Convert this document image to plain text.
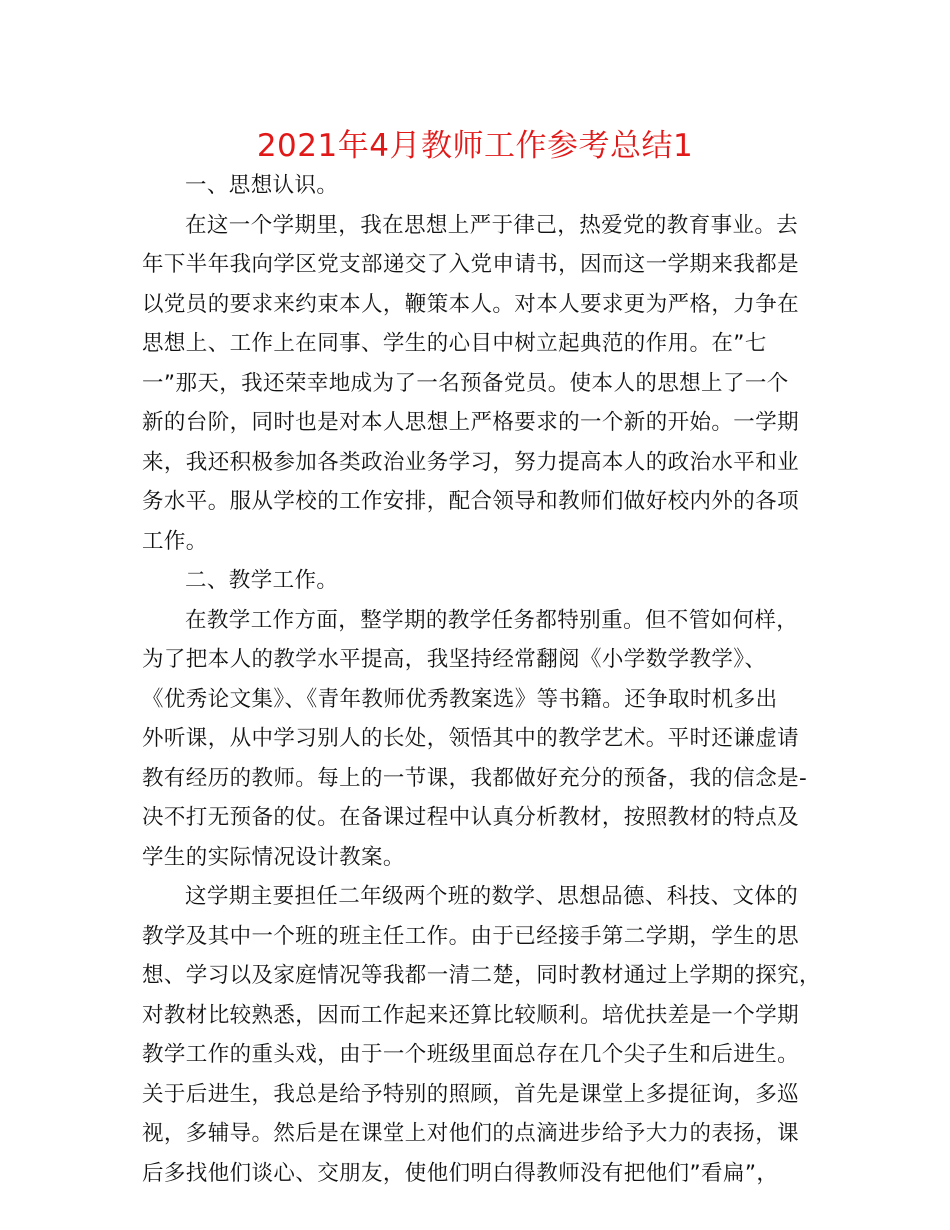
2021年4月教师工作参考总结1
一、思想认识。
在这一个学期里，我在思想上严于律己，热爱党的教育事业。去
年下半年我向学区党支部递交了入党申请书，因而这一学期来我都是
以党员的要求来约束本人，鞭策本人。对本人要求更为严格，力争在
思想上、工作上在同事、学生的心目中树立起典范的作用。在”七
一”那天，我还荣幸地成为了一名预备党员。使本人的思想上了一个
新的台阶，同时也是对本人思想上严格要求的一个新的开始。一学期
来，我还积极参加各类政治业务学习，努力提高本人的政治水平和业
务水平。服从学校的工作安排，配合领导和教师们做好校内外的各项
工作。
二、教学工作。
在教学工作方面，整学期的教学任务都特别重。但不管如何样，
为了把本人的教学水平提高，我坚持经常翻阅《小学数学教学》、
《优秀论文集》、《青年教师优秀教案选》等书籍。还争取时机多出
外听课，从中学习别人的长处，领悟其中的教学艺术。平时还谦虚请
教有经历的教师。每上的一节课，我都做好充分的预备，我的信念是-
决不打无预备的仗。在备课过程中认真分析教材，按照教材的特点及
学生的实际情况设计教案。
这学期主要担任二年级两个班的数学、思想品德、科技、文体的
教学及其中一个班的班主任工作。由于已经接手第二学期，学生的思
想、学习以及家庭情况等我都一清二楚，同时教材通过上学期的探究，
对教材比较熟悉，因而工作起来还算比较顺利。培优扶差是一个学期
教学工作的重头戏，由于一个班级里面总存在几个尖子生和后进生。
关于后进生，我总是给予特别的照顾，首先是课堂上多提征询，多巡
视，多辅导。然后是在课堂上对他们的点滴进步给予大力的表扬，课
后多找他们谈心、交朋友，使他们明白得教师没有把他们”看扁”，
